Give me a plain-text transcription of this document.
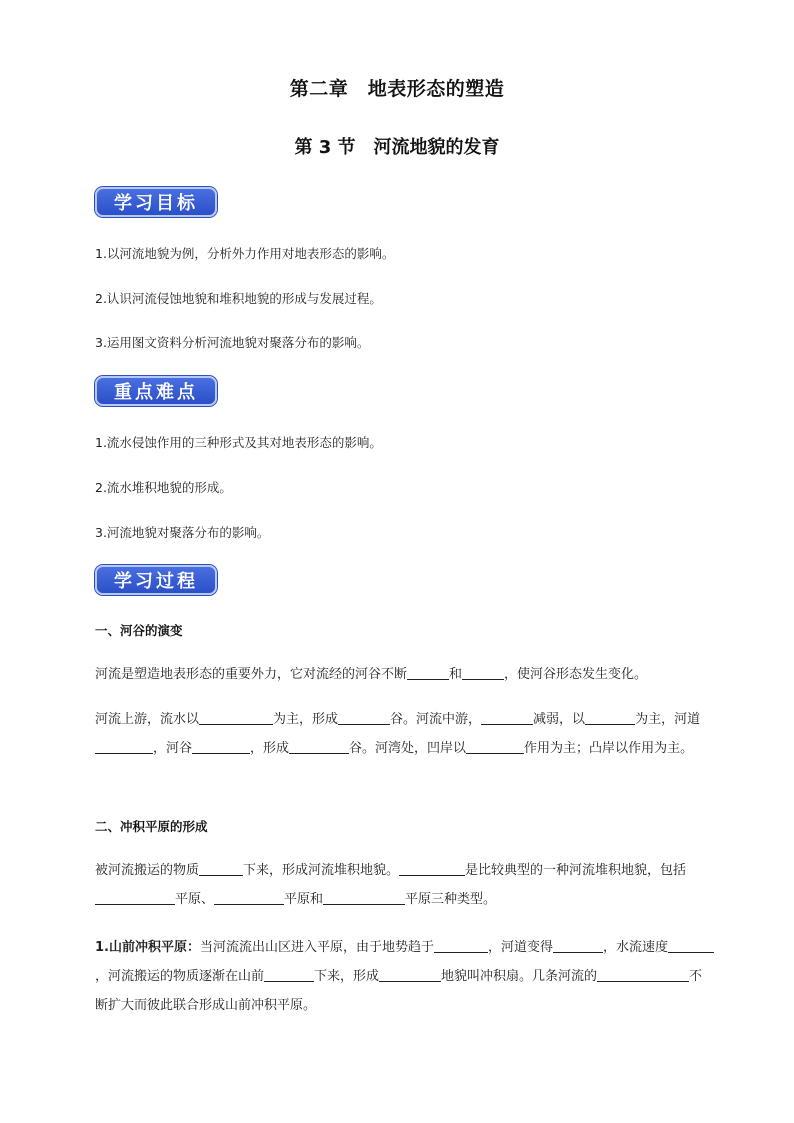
第二章　地表形态的塑造
第 3 节　河流地貌的发育
学习目标
1.以河流地貌为例，分析外力作用对地表形态的影响。
2.认识河流侵蚀地貌和堆积地貌的形成与发展过程。
3.运用图文资料分析河流地貌对聚落分布的影响。
重点难点
1.流水侵蚀作用的三种形式及其对地表形态的影响。
2.流水堆积地貌的形成。
3.河流地貌对聚落分布的影响。
学习过程
一、河谷的演变
河流是塑造地表形态的重要外力，它对流经的河谷不断	和	，使河谷形态发生变化。
河流上游，流水以	为主，形成	谷。河流中游，	减弱，以	为主，河道，河谷	，形成	谷。河湾处，凹岸以	作用为主；凸岸以作用为主。
二、冲积平原的形成
被河流搬运的物质	下来，形成河流堆积地貌。	是比较典型的一种河流堆积地貌，包括平原、	平原和	平原三种类型。
1.山前冲积平原：当河流流出山区进入平原，由于地势趋于	，河道变得	，水流速度，河流搬运的物质逐渐在山前	下来，形成	地貌叫冲积扇。几条河流的	不断扩大而彼此联合形成山前冲积平原。
